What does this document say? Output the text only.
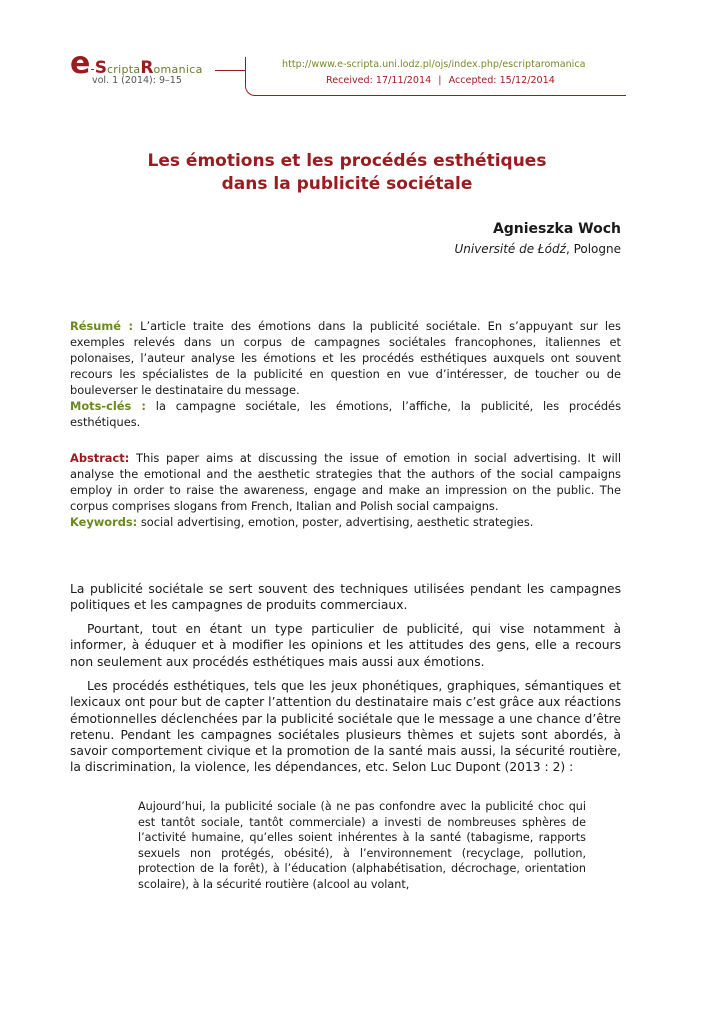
e-ScriptaRomanica
vol. 1 (2014): 9–15
http://www.e-scripta.uni.lodz.pl/ojs/index.php/escriptaromanica
Received: 17/11/2014 | Accepted: 15/12/2014
Les émotions et les procédés esthétiques
dans la publicité sociétale
Agnieszka Woch
Université de Łódź, Pologne
Résumé : L’article traite des émotions dans la publicité sociétale. En s’appuyant sur les exemples relevés dans un corpus de campagnes sociétales francophones, italiennes et polonaises, l’auteur analyse les émotions et les procédés esthétiques auxquels ont souvent recours les spécialistes de la publicité en question en vue d’intéresser, de toucher ou de bouleverser le destinataire du message.
Mots-clés : la campagne sociétale, les émotions, l’affiche, la publicité, les procédés esthétiques.
Abstract: This paper aims at discussing the issue of emotion in social advertising. It will analyse the emotional and the aesthetic strategies that the authors of the social campaigns employ in order to raise the awareness, engage and make an impression on the public. The corpus comprises slogans from French, Italian and Polish social campaigns.
Keywords: social advertising, emotion, poster, advertising, aesthetic strategies.
La publicité sociétale se sert souvent des techniques utilisées pendant les campagnes politiques et les campagnes de produits commerciaux.
Pourtant, tout en étant un type particulier de publicité, qui vise notamment à informer, à éduquer et à modifier les opinions et les attitudes des gens, elle a recours non seulement aux procédés esthétiques mais aussi aux émotions.
Les procédés esthétiques, tels que les jeux phonétiques, graphiques, sémantiques et lexicaux ont pour but de capter l’attention du destinataire mais c’est grâce aux réactions émotionnelles déclenchées par la publicité sociétale que le message a une chance d’être retenu. Pendant les campagnes sociétales plusieurs thèmes et sujets sont abordés, à savoir comportement civique et la promotion de la santé mais aussi, la sécurité routière, la discrimination, la violence, les dépendances, etc. Selon Luc Dupont (2013 : 2) :
Aujourd’hui, la publicité sociale (à ne pas confondre avec la publicité choc qui est tantôt sociale, tantôt commerciale) a investi de nombreuses sphères de l’activité humaine, qu’elles soient inhérentes à la santé (tabagisme, rapports sexuels non protégés, obésité), à l’environnement (recyclage, pollution, protection de la forêt), à l’éducation (alphabétisation, décrochage, orientation scolaire), à la sécurité routière (alcool au volant,
